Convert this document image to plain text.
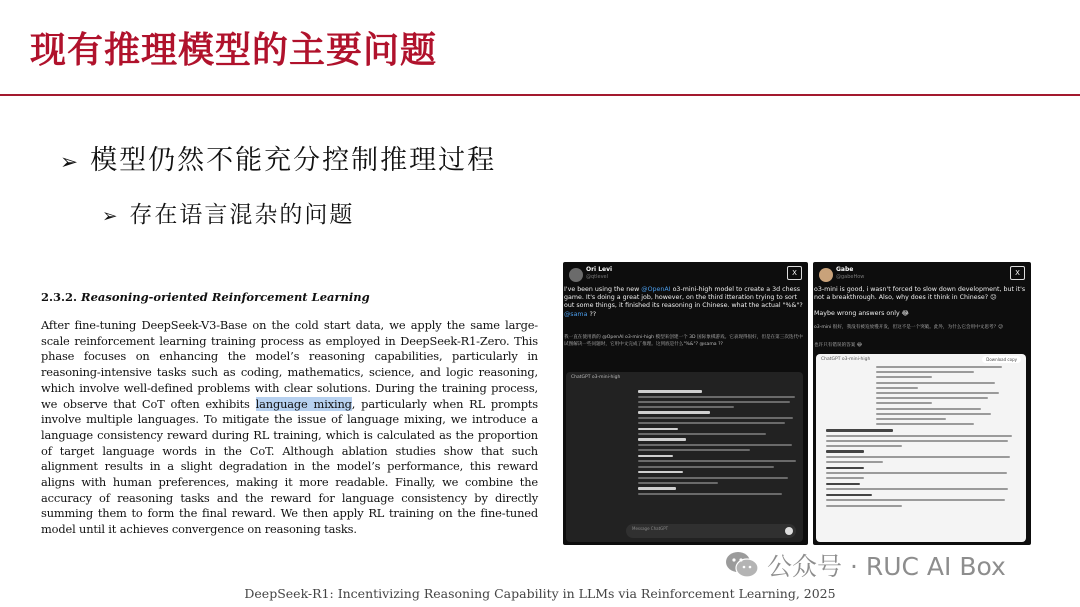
现有推理模型的主要问题
➢ 模型仍然不能充分控制推理过程
➢ 存在语言混杂的问题
2.3.2. Reasoning-oriented Reinforcement Learning

After fine-tuning DeepSeek-V3-Base on the cold start data, we apply the same large-scale reinforcement learning training process as employed in DeepSeek-R1-Zero. This phase focuses on enhancing the model’s reasoning capabilities, particularly in reasoning-intensive tasks such as coding, mathematics, science, and logic reasoning, which involve well-defined problems with clear solutions. During the training process, we observe that CoT often exhibits language mixing, particularly when RL prompts involve multiple languages. To mitigate the issue of language mixing, we introduce a language consistency reward during RL training, which is calculated as the proportion of target language words in the CoT. Although ablation studies show that such alignment results in a slight degradation in the model’s performance, this reward aligns with human preferences, making it more readable. Finally, we combine the accuracy of reasoning tasks and the reward for language consistency by directly summing them to form the final reward. We then apply RL training on the fine-tuned model until it achieves convergence on reasoning tasks.

Ori Levi
@qtlevel	X
I've been using the new @OpenAI o3-mini-high model to create a 3d chess game. It's doing a great job, however, on the third itteration trying to sort out some things, it finished its reasoning in Chinese. what the actual "%&"? @sama ??
我一直在使用新的 @OpenAI o3-mini-high 模型来创建一个 3D 国际象棋游戏。它表现得很好，但是在第三次迭代中试图解决一些问题时，它用中文完成了推理。这到底是什么"%&"? @sama ??
ChatGPT o3-mini-high
Message ChatGPT
Gabe
@gabeHow	X
o3-mini is good, i wasn't forced to slow down development, but it's not a breakthrough. Also, why does it think in Chinese? 😕
Maybe wrong answers only 😂
o3-mini 很好，我没有被迫放慢开发，但这不是一个突破。此外，为什么它会用中文思考？😕
也许只有错误的答案 😂
ChatGPT o3-mini-high	Download copy
公众号 · RUC AI Box
DeepSeek-R1: Incentivizing Reasoning Capability in LLMs via Reinforcement Learning, 2025
